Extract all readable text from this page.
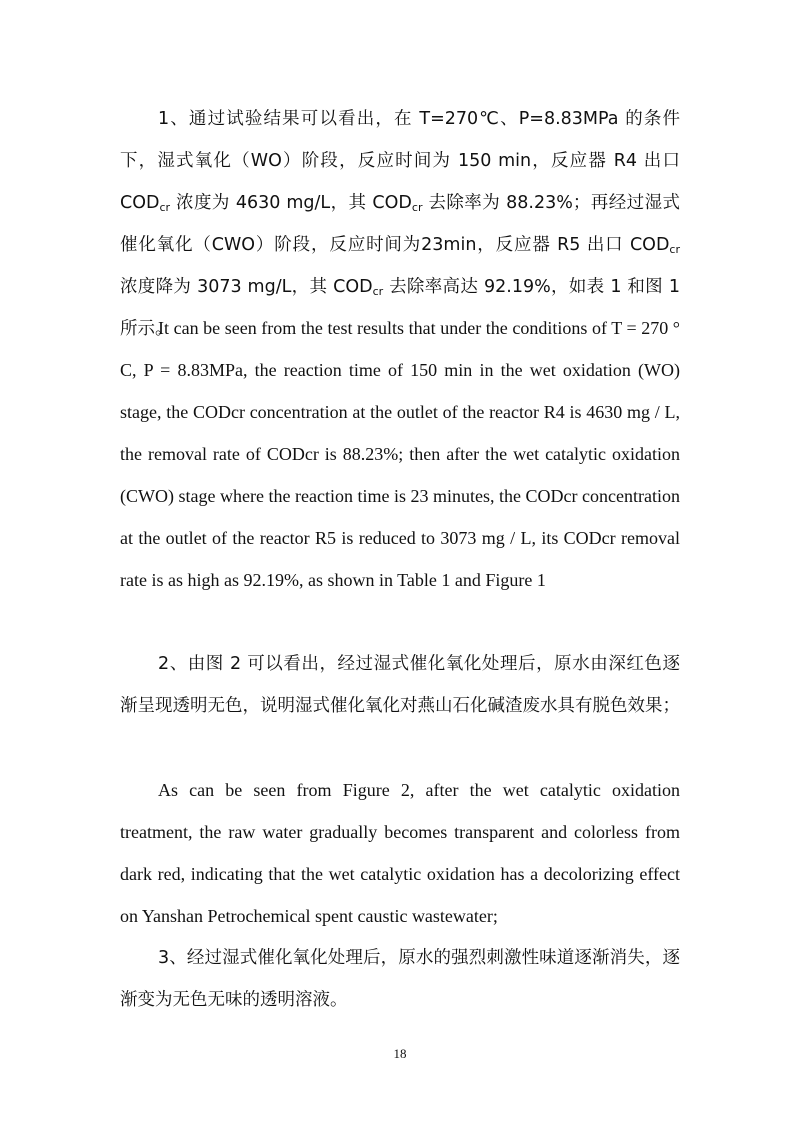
1、通过试验结果可以看出，在 T=270℃、P=8.83MPa 的条件下，湿式氧化（WO）阶段，反应时间为 150 min，反应器 R4 出口 $COD_{cr}$ 浓度为 4630 mg/L，其 $COD_{cr}$ 去除率为 88.23%；再经过湿式催化氧化（CWO）阶段，反应时间为23min，反应器 R5 出口 $COD_{cr}$ 浓度降为 3073 mg/L，其 $COD_{cr}$ 去除率高达 92.19%，如表 1 和图 1 所示。

It can be seen from the test results that under the conditions of T = 270 ° C, P = 8.83MPa, the reaction time of 150 min in the wet oxidation (WO) stage, the CODcr concentration at the outlet of the reactor R4 is 4630 mg / L, the removal rate of CODcr is 88.23%; then after the wet catalytic oxidation (CWO) stage where the reaction time is 23 minutes, the CODcr concentration at the outlet of the reactor R5 is reduced to 3073 mg / L, its CODcr removal rate is as high as 92.19%, as shown in Table 1 and Figure 1

2、由图 2 可以看出，经过湿式催化氧化处理后，原水由深红色逐渐呈现透明无色，说明湿式催化氧化对燕山石化碱渣废水具有脱色效果；

As can be seen from Figure 2, after the wet catalytic oxidation treatment, the raw water gradually becomes transparent and colorless from dark red, indicating that the wet catalytic oxidation has a decolorizing effect on Yanshan Petrochemical spent caustic wastewater;

3、经过湿式催化氧化处理后，原水的强烈刺激性味道逐渐消失，逐渐变为无色无味的透明溶液。

18
